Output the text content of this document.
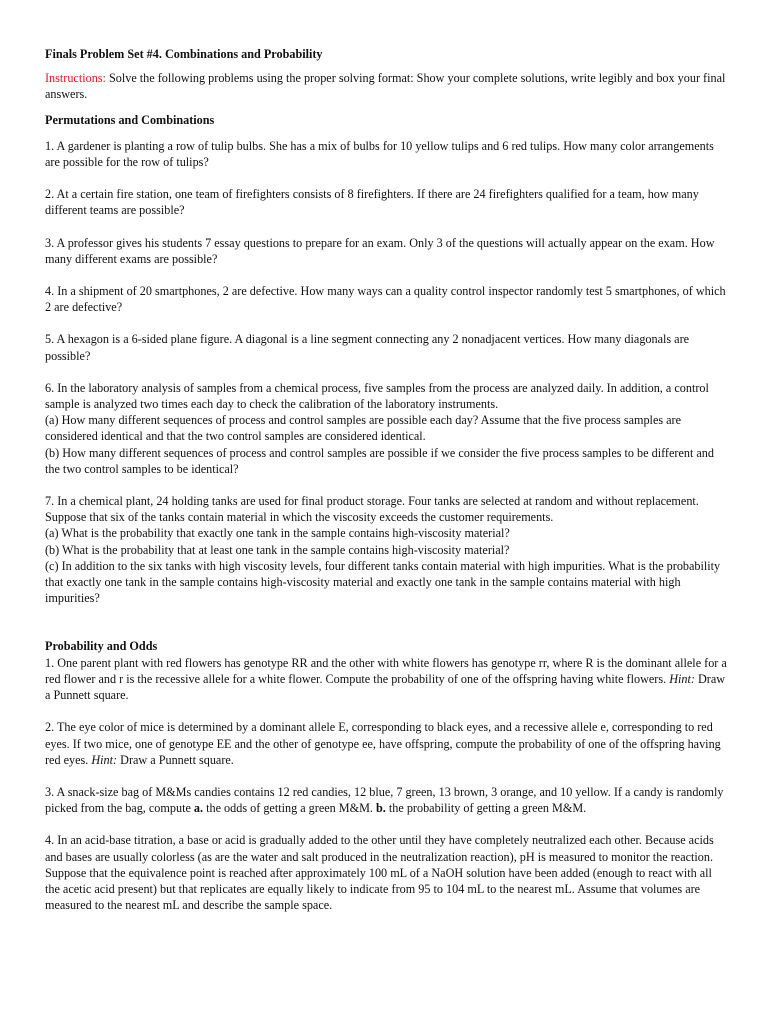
Finals Problem Set #4. Combinations and Probability
Instructions: Solve the following problems using the proper solving format: Show your complete solutions, write legibly and box your final answers.
Permutations and Combinations

1. A gardener is planting a row of tulip bulbs. She has a mix of bulbs for 10 yellow tulips and 6 red tulips. How many color arrangements are possible for the row of tulips?

2. At a certain fire station, one team of firefighters consists of 8 firefighters. If there are 24 firefighters qualified for a team, how many different teams are possible?

3. A professor gives his students 7 essay questions to prepare for an exam. Only 3 of the questions will actually appear on the exam. How many different exams are possible?

4. In a shipment of 20 smartphones, 2 are defective. How many ways can a quality control inspector randomly test 5 smartphones, of which 2 are defective?

5. A hexagon is a 6-sided plane figure. A diagonal is a line segment connecting any 2 nonadjacent vertices. How many diagonals are possible?

6. In the laboratory analysis of samples from a chemical process, five samples from the process are analyzed daily. In addition, a control sample is analyzed two times each day to check the calibration of the laboratory instruments.

(a) How many different sequences of process and control samples are possible each day? Assume that the five process samples are considered identical and that the two control samples are considered identical.

(b) How many different sequences of process and control samples are possible if we consider the five process samples to be different and the two control samples to be identical?

7. In a chemical plant, 24 holding tanks are used for final product storage. Four tanks are selected at random and without replacement. Suppose that six of the tanks contain material in which the viscosity exceeds the customer requirements.

(a) What is the probability that exactly one tank in the sample contains high-viscosity material?

(b) What is the probability that at least one tank in the sample contains high-viscosity material?

(c) In addition to the six tanks with high viscosity levels, four different tanks contain material with high impurities. What is the probability that exactly one tank in the sample contains high-viscosity material and exactly one tank in the sample contains material with high impurities?

Probability and Odds

1. One parent plant with red flowers has genotype RR and the other with white flowers has genotype rr, where R is the dominant allele for a red flower and r is the recessive allele for a white flower. Compute the probability of one of the offspring having white flowers. Hint: Draw a Punnett square.

2. The eye color of mice is determined by a dominant allele E, corresponding to black eyes, and a recessive allele e, corresponding to red eyes. If two mice, one of genotype EE and the other of genotype ee, have offspring, compute the probability of one of the offspring having red eyes. Hint: Draw a Punnett square.

3. A snack-size bag of M&Ms candies contains 12 red candies, 12 blue, 7 green, 13 brown, 3 orange, and 10 yellow. If a candy is randomly picked from the bag, compute a. the odds of getting a green M&M. b. the probability of getting a green M&M.

4. In an acid-base titration, a base or acid is gradually added to the other until they have completely neutralized each other. Because acids and bases are usually colorless (as are the water and salt produced in the neutralization reaction), pH is measured to monitor the reaction. Suppose that the equivalence point is reached after approximately 100 mL of a NaOH solution have been added (enough to react with all the acetic acid present) but that replicates are equally likely to indicate from 95 to 104 mL to the nearest mL. Assume that volumes are measured to the nearest mL and describe the sample space.
